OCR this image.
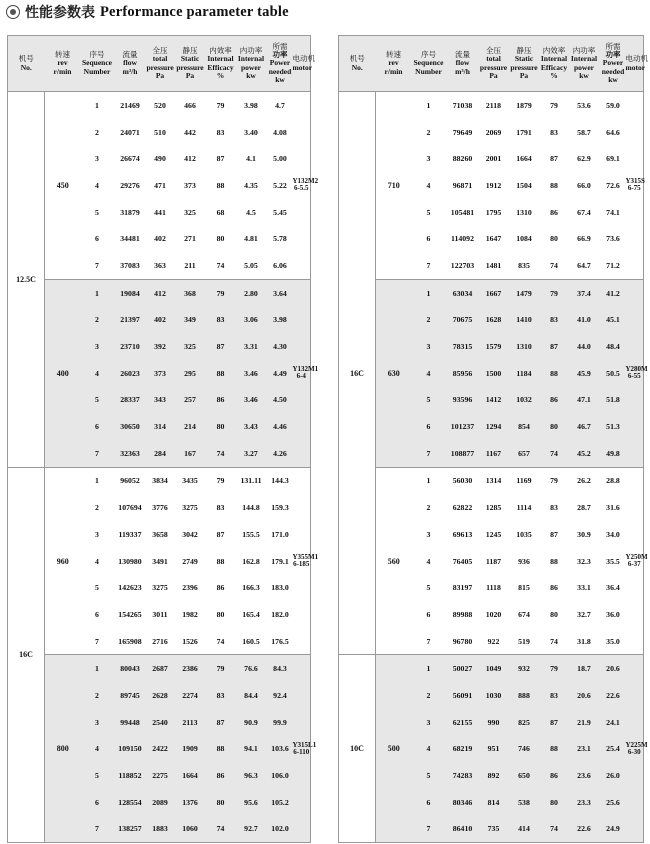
性能参数表 Performance parameter table
机号
No.	转速
rev
r/min	序号
Sequence
Number	流量
flow
m³/h	全压
total
pressure
Pa	静压
Static
pressure
Pa	内效率
Internal
Efficacy
%	内功率
Internal
power
kw	所需
功率
Power
needed
kw	电动机
motor

12.5C	450	1	21469	520	466	79	3.98	4.7	Y132M2 6-5.5
		2	24071	510	442	83	3.40	4.08	
		3	26674	490	412	87	4.1	5.00	
		4	29276	471	373	88	4.35	5.22	
		5	31879	441	325	68	4.5	5.45	
		6	34481	402	271	80	4.81	5.78	
		7	37083	363	211	74	5.05	6.06	
	400	1	19084	412	368	79	2.80	3.64	Y132M1 6-4
		2	21397	402	349	83	3.06	3.98	
		3	23710	392	325	87	3.31	4.30	
		4	26023	373	295	88	3.46	4.49	
		5	28337	343	257	86	3.46	4.50	
		6	30650	314	214	80	3.43	4.46	
		7	32363	284	167	74	3.27	4.26	
16C	960	1	96052	3834	3435	79	131.11	144.3	Y355M1 6-185
		2	107694	3776	3275	83	144.8	159.3	
		3	119337	3658	3042	87	155.5	171.0	
		4	130980	3491	2749	88	162.8	179.1	
		5	142623	3275	2396	86	166.3	183.0	
		6	154265	3011	1982	80	165.4	182.0	
		7	165908	2716	1526	74	160.5	176.5	
	800	1	80043	2687	2386	79	76.6	84.3	Y315L1 6-110
		2	89745	2628	2274	83	84.4	92.4	
		3	99448	2540	2113	87	90.9	99.9	
		4	109150	2422	1909	88	94.1	103.6	
		5	118852	2275	1664	86	96.3	106.0	
		6	128554	2089	1376	80	95.6	105.2	
		7	138257	1883	1060	74	92.7	102.0	
机号
No.	转速
rev
r/min	序号
Sequence
Number	流量
flow
m³/h	全压
total
pressure
Pa	静压
Static
pressure
Pa	内效率
Internal
Efficacy
%	内功率
Internal
power
kw	所需
功率
Power
needed
kw	电动机
motor

16C	710	1	71038	2118	1879	79	53.6	59.0	Y315S 6-75
		2	79649	2069	1791	83	58.7	64.6	
		3	88260	2001	1664	87	62.9	69.1	
		4	96871	1912	1504	88	66.0	72.6	
		5	105481	1795	1310	86	67.4	74.1	
		6	114092	1647	1084	80	66.9	73.6	
		7	122703	1481	835	74	64.7	71.2	
	630	1	63034	1667	1479	79	37.4	41.2	Y280M 6-55
		2	70675	1628	1410	83	41.0	45.1	
		3	78315	1579	1310	87	44.0	48.4	
		4	85956	1500	1184	88	45.9	50.5	
		5	93596	1412	1032	86	47.1	51.8	
		6	101237	1294	854	80	46.7	51.3	
		7	108877	1167	657	74	45.2	49.8	
	560	1	56030	1314	1169	79	26.2	28.8	Y250M 6-37
		2	62822	1285	1114	83	28.7	31.6	
		3	69613	1245	1035	87	30.9	34.0	
		4	76405	1187	936	88	32.3	35.5	
		5	83197	1118	815	86	33.1	36.4	
		6	89988	1020	674	80	32.7	36.0	
		7	96780	922	519	74	31.8	35.0	
10C	500	1	50027	1049	932	79	18.7	20.6	Y225M 6-30
		2	56091	1030	888	83	20.6	22.6	
		3	62155	990	825	87	21.9	24.1	
		4	68219	951	746	88	23.1	25.4	
		5	74283	892	650	86	23.6	26.0	
		6	80346	814	538	80	23.3	25.6	
		7	86410	735	414	74	22.6	24.9	
